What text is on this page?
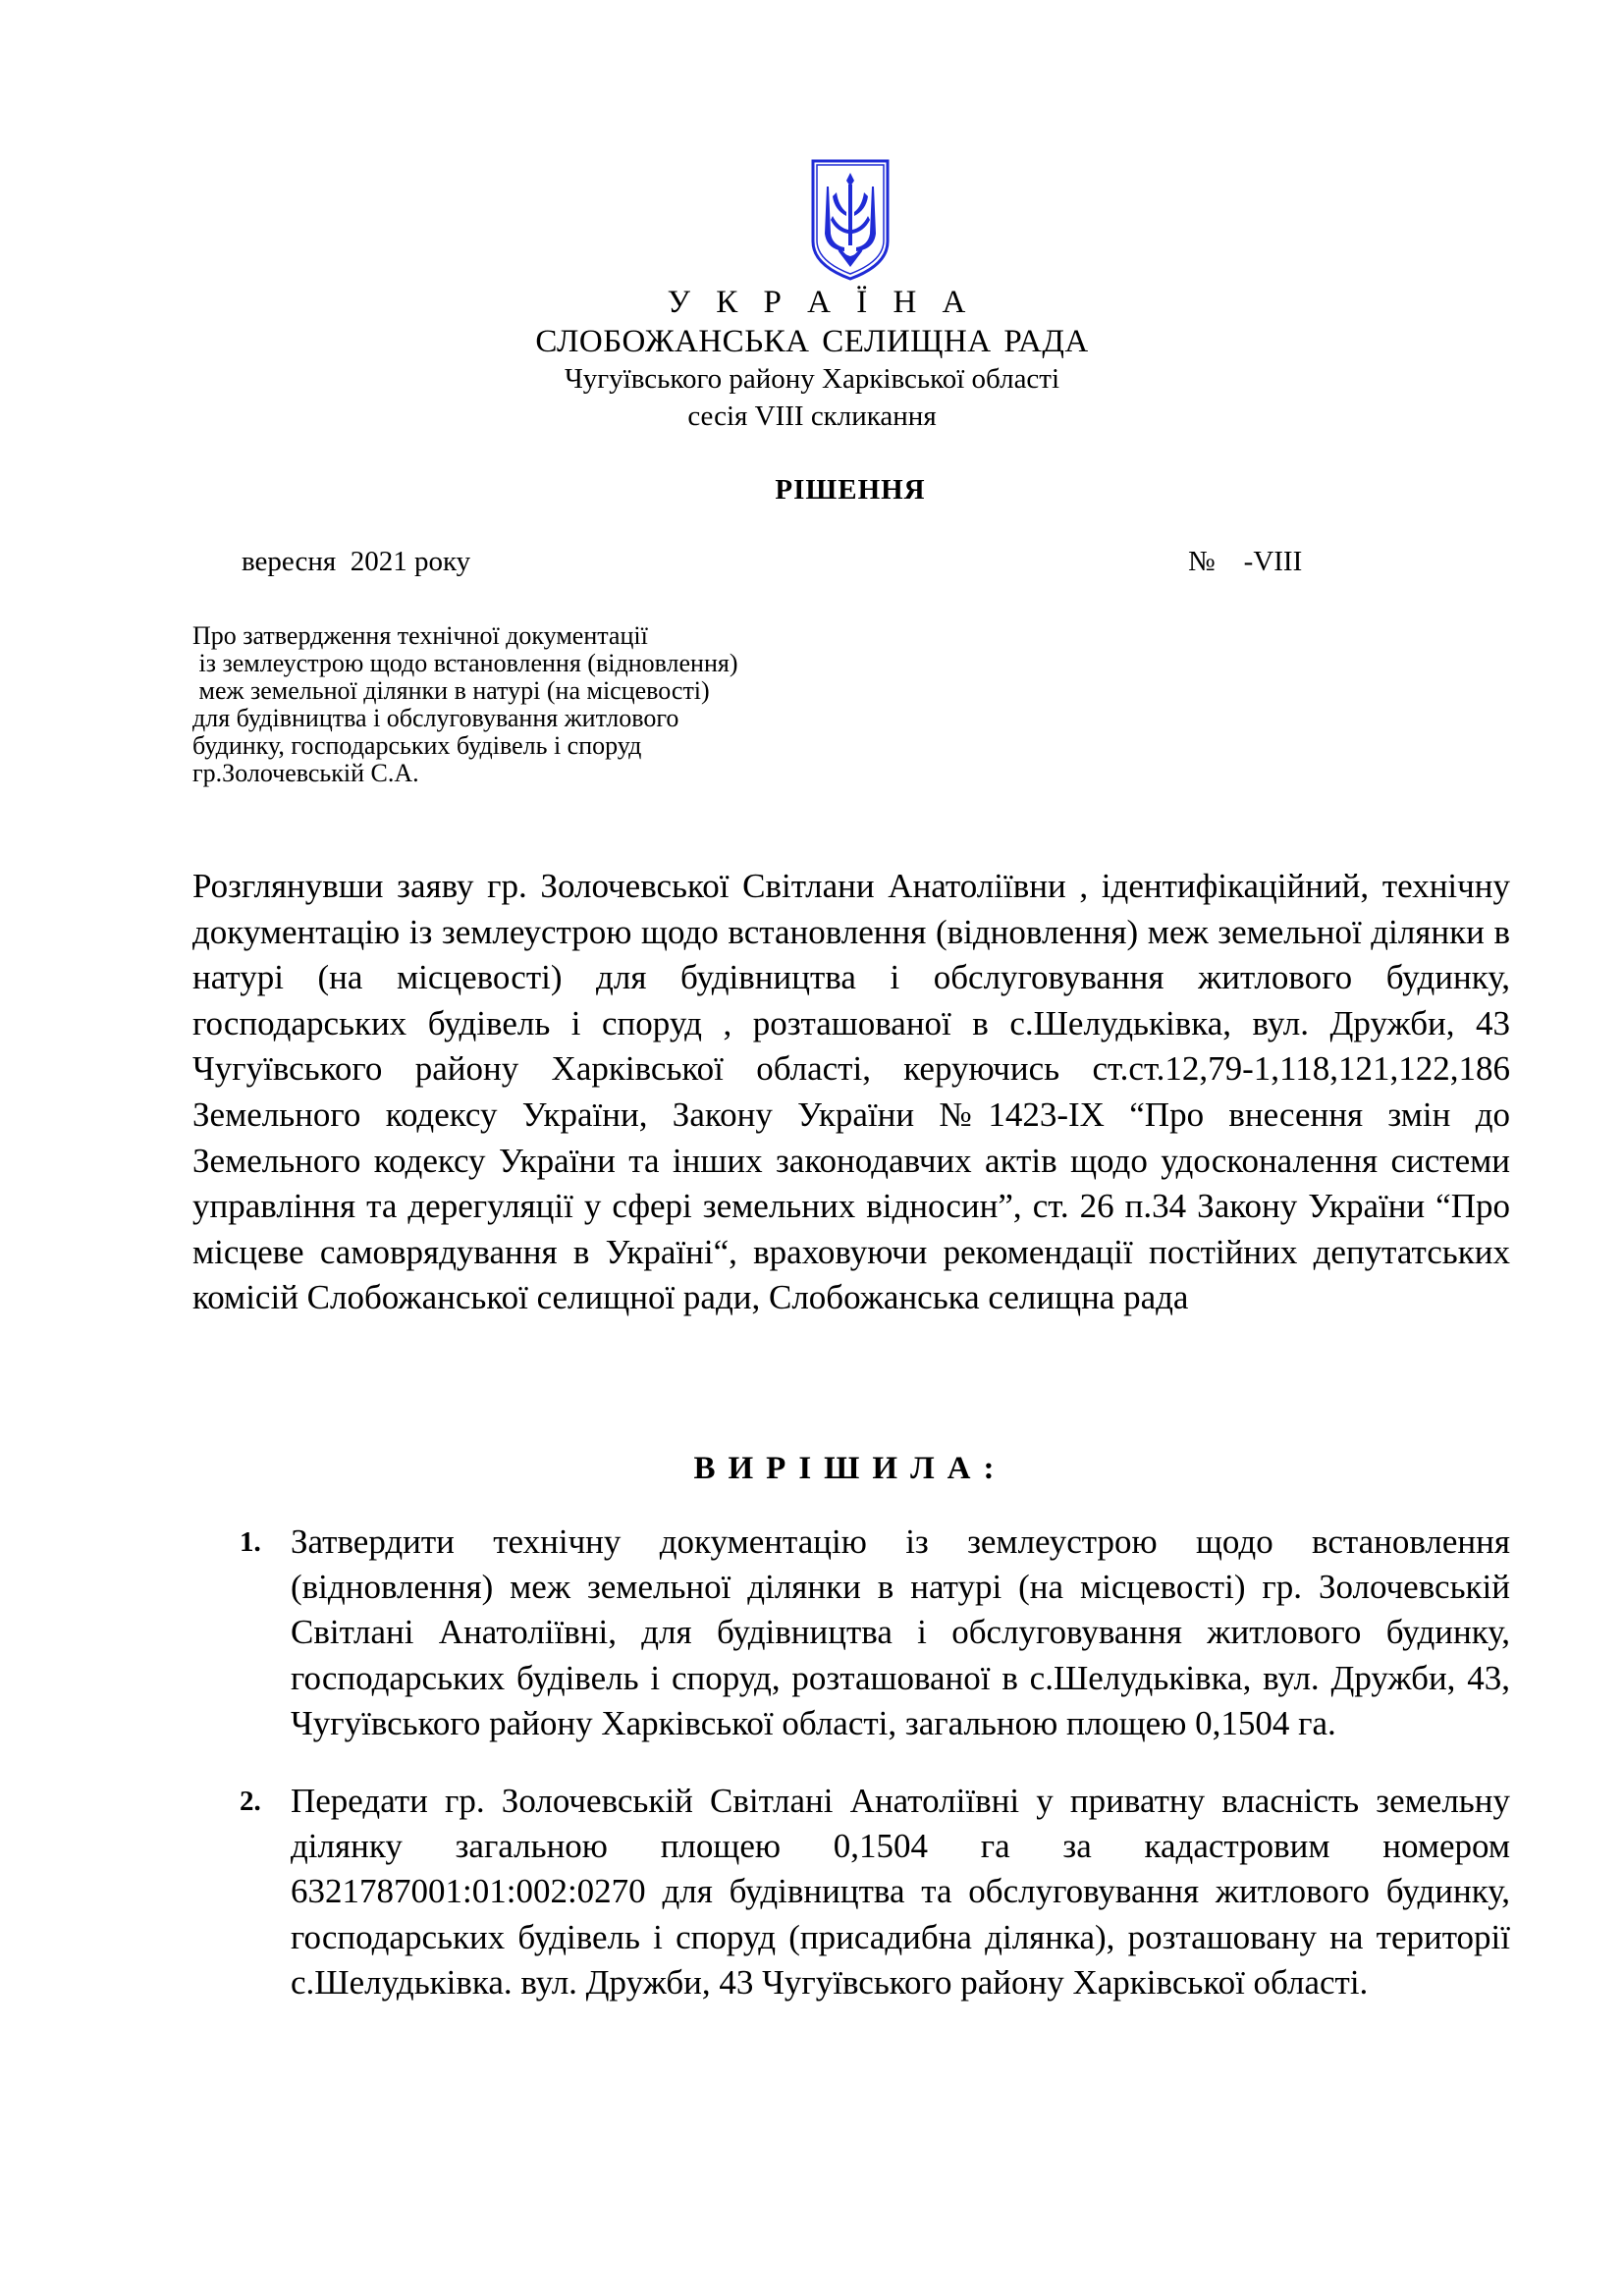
У К Р А Ї Н А
СЛОБОЖАНСЬКА СЕЛИЩНА РАДА
Чугуївського району Харківської області
сесія VIII скликання
РІШЕННЯ
вересня  2021 року	№    -VIII
Про затвердження технічної документації
із землеустрою щодо встановлення (відновлення)
меж земельної ділянки в натурі (на місцевості)
для будівництва і обслуговування житлового
будинку, господарських будівель і споруд
гр.Золочевській С.А.
Розглянувши заяву гр. Золочевської Світлани Анатоліївни , ідентифікаційний, технічну документацію із землеустрою щодо встановлення (відновлення) меж земельної ділянки в натурі (на місцевості) для будівництва і обслуговування житлового будинку, господарських будівель і споруд , розташованої в с.Шелудьківка, вул. Дружби, 43 Чугуївського району Харківської області, керуючись ст.ст.12,79-1,118,121,122,186 Земельного кодексу України, Закону України №1423-IX “Про внесення змін до Земельного кодексу України та інших законодавчих актів щодо удосконалення системи управління та дерегуляції у сфері земельних відносин”, ст. 26 п.34 Закону України “Про місцеве самоврядування в Україні“, враховуючи рекомендації постійних депутатських комісій Слобожанської селищної ради, Слобожанська селищна рада
ВИРІШИЛА:
1. Затвердити технічну документацію із землеустрою щодо встановлення (відновлення) меж земельної ділянки в натурі (на місцевості) гр. Золочевській Світлані Анатоліївні, для будівництва і обслуговування житлового будинку, господарських будівель і споруд, розташованої в с.Шелудьківка, вул. Дружби, 43, Чугуївського району Харківської області, загальною площею 0,1504 га.
2. Передати гр. Золочевській Світлані Анатоліївні у приватну власність земельну ділянку загальною площею 0,1504 га за кадастровим номером 6321787001:01:002:0270 для будівництва та обслуговування житлового будинку, господарських будівель і споруд (присадибна ділянка), розташовану на території с.Шелудьківка. вул. Дружби, 43 Чугуївського району Харківської області.
